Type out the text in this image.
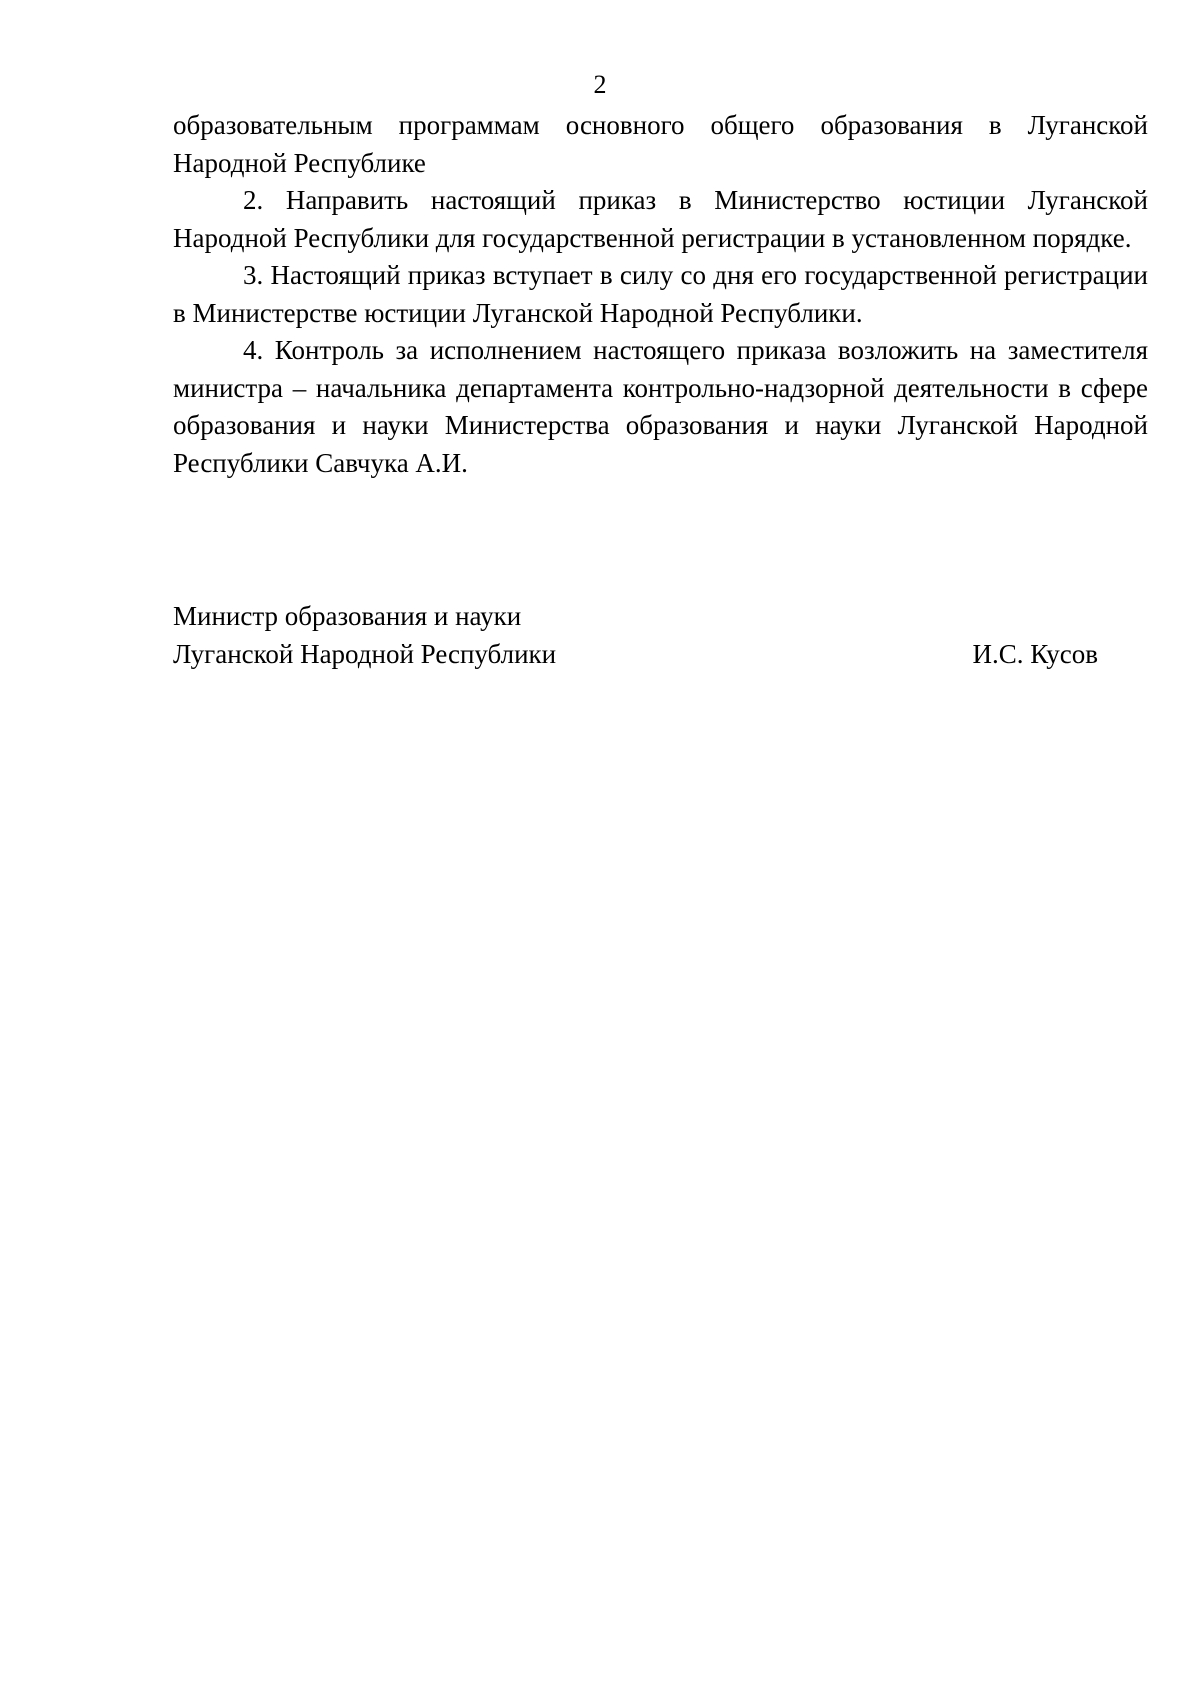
2

образовательным программам основного общего образования в Луганской Народной Республике

2. Направить настоящий приказ в Министерство юстиции Луганской Народной Республики для государственной регистрации в установленном порядке.

3. Настоящий приказ вступает в силу со дня его государственной регистрации в Министерстве юстиции Луганской Народной Республики.

4. Контроль за исполнением настоящего приказа возложить на заместителя министра – начальника департамента контрольно-надзорной деятельности в сфере образования и науки Министерства образования и науки Луганской Народной Республики Савчука А.И.

Министр образования и науки
Луганской Народной Республики	И.С. Кусов
